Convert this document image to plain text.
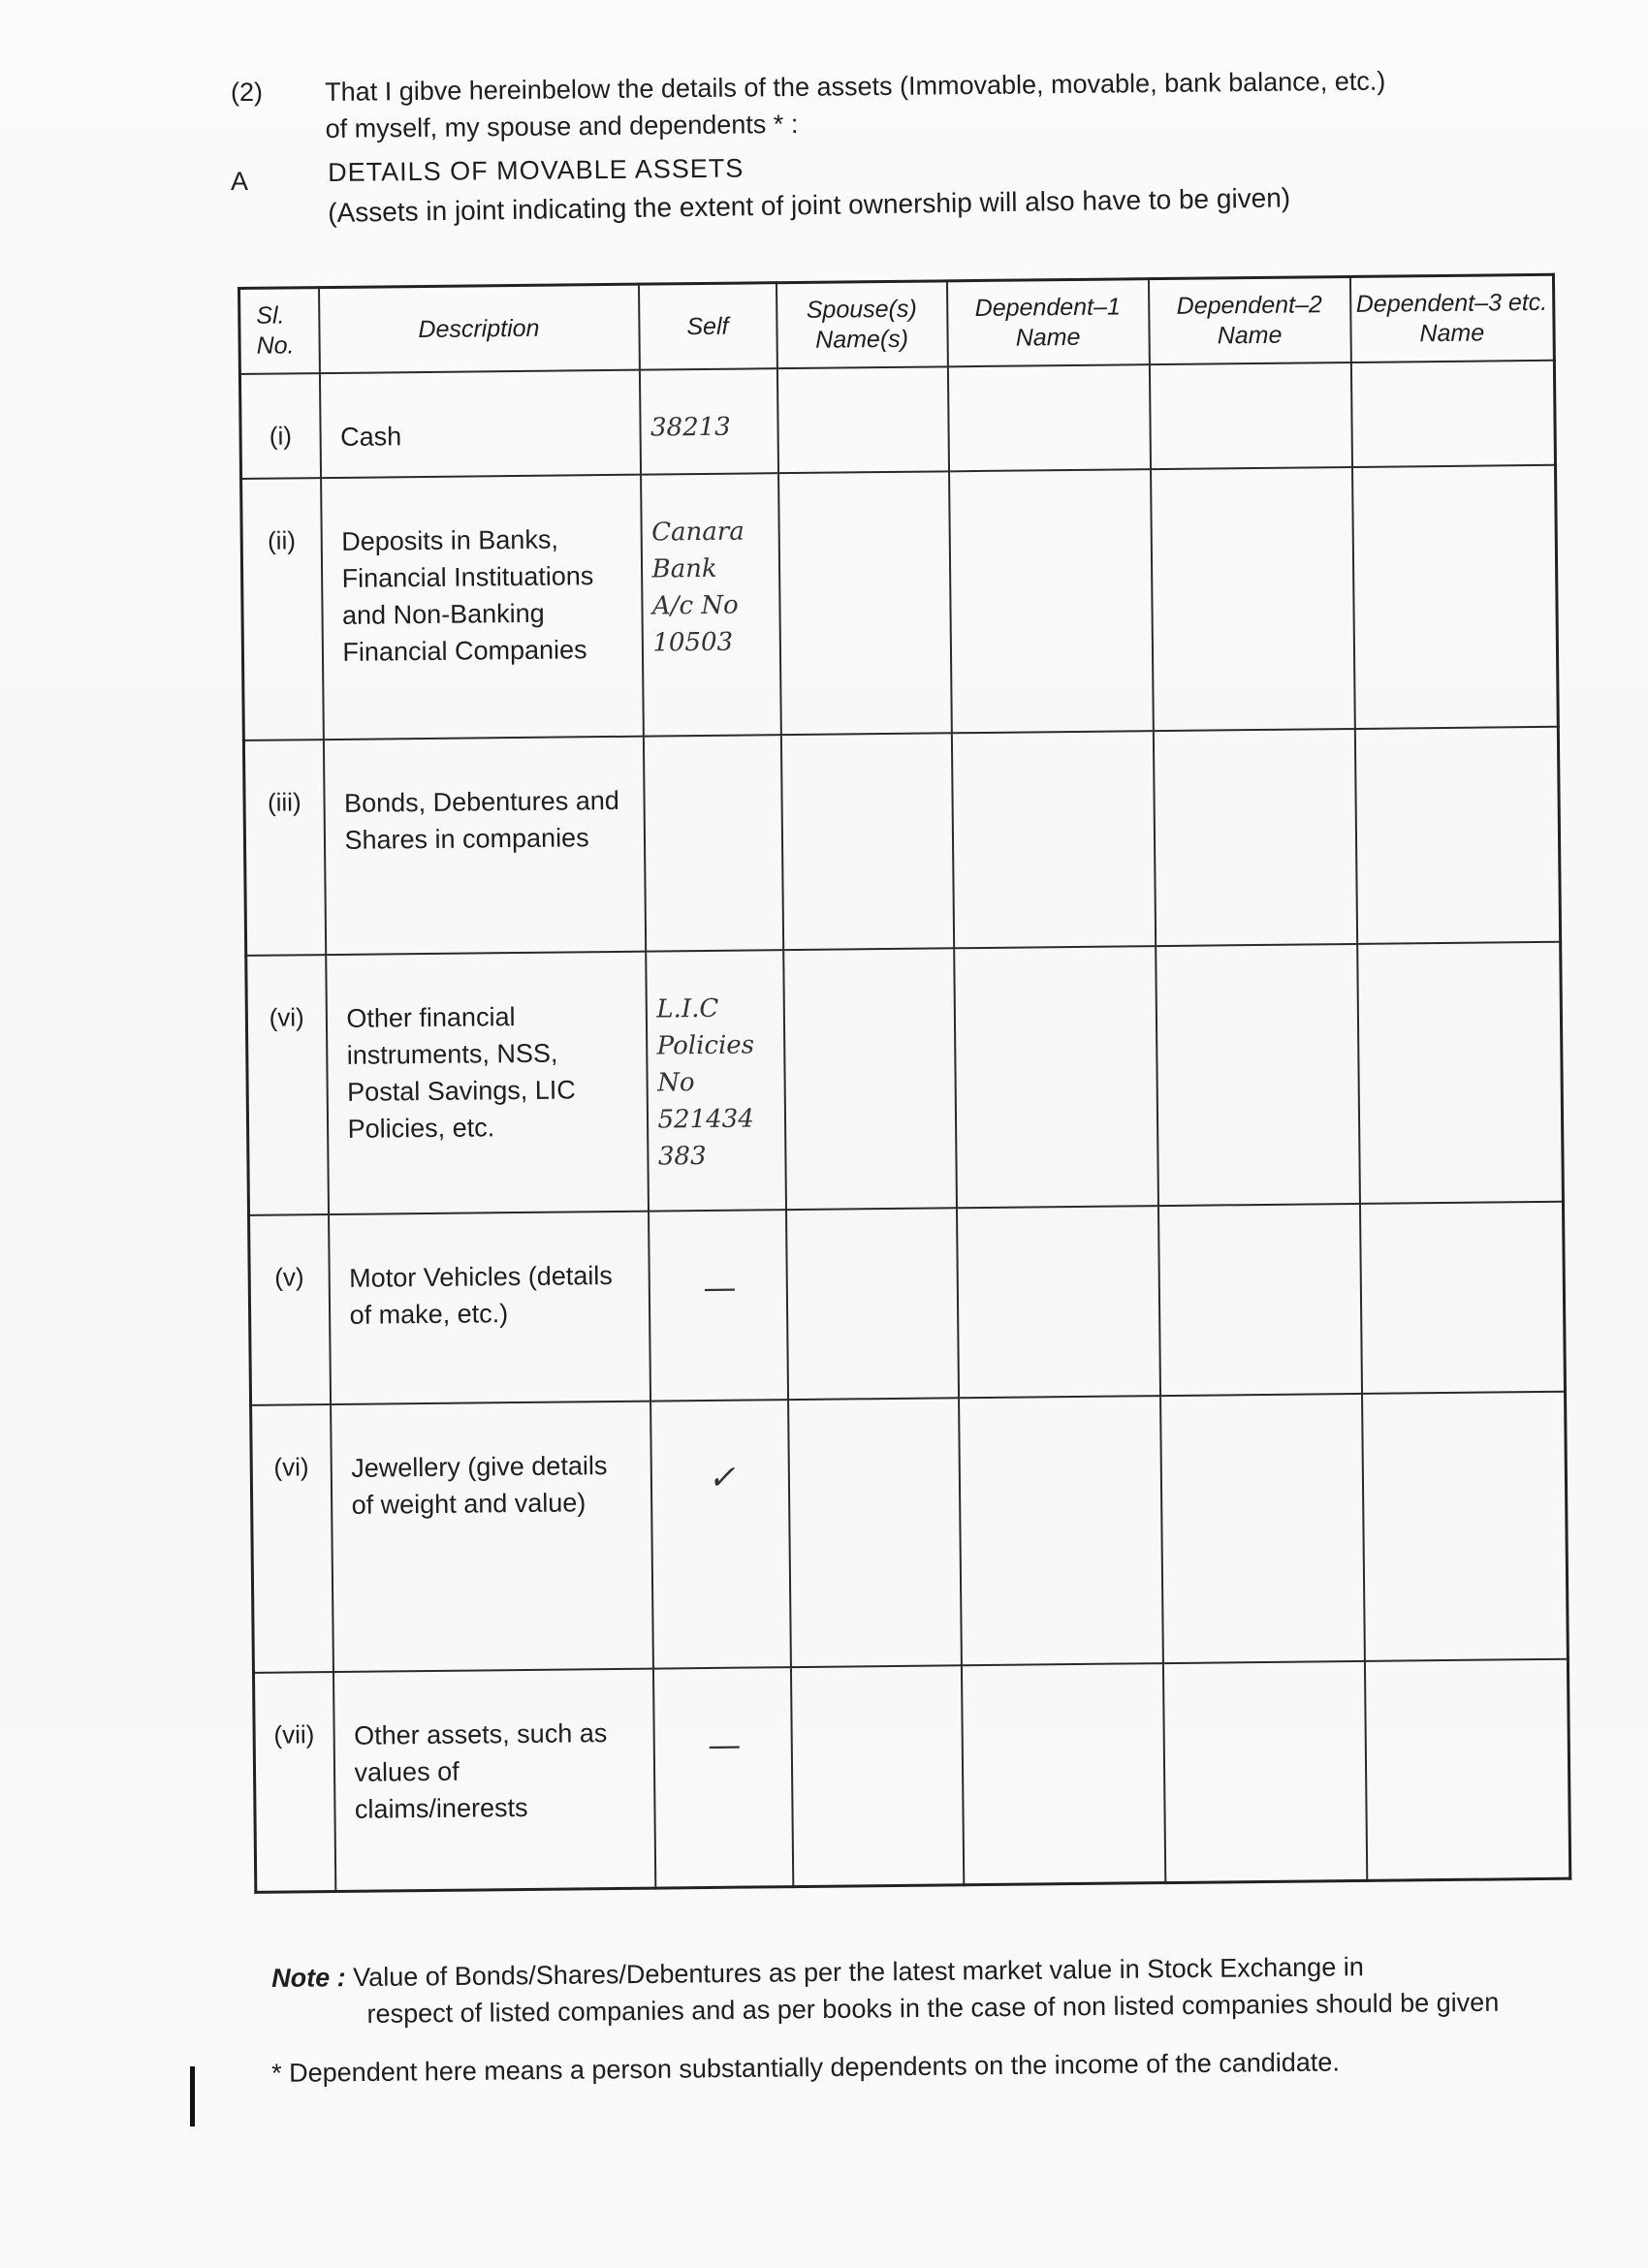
(2) That I gibve hereinbelow the details of the assets (Immovable, movable, bank balance, etc.)
of myself, my spouse and dependents * :
A	DETAILS OF MOVABLE ASSETS
(Assets in joint indicating the extent of joint ownership will also have to be given)
Sl. No.	Description	Self	Spouse(s) Name(s)	Dependent–1 Name	Dependent–2 Name	Dependent–3 etc. Name
(i)	Cash	38213				

(ii)	Deposits in Banks, Financial Instituations and Non-Banking Financial Companies	Canara
Bank
A/c No
10503				

(iii)	Bonds, Debentures and Shares in companies					
(vi)	Other financial instruments, NSS, Postal Savings, LIC Policies, etc.	L.I.C
Policies
No
521434
383				

(v)	Motor Vehicles (details of make, etc.)	—				

(vi)	Jewellery (give details of weight and value)	✓				

(vii)	Other assets, such as values of claims/inerests	—				

Note : Value of Bonds/Shares/Debentures as per the latest market value in Stock Exchange in
respect of listed companies and as per books in the case of non listed companies should be given
* Dependent here means a person substantially dependents on the income of the candidate.
